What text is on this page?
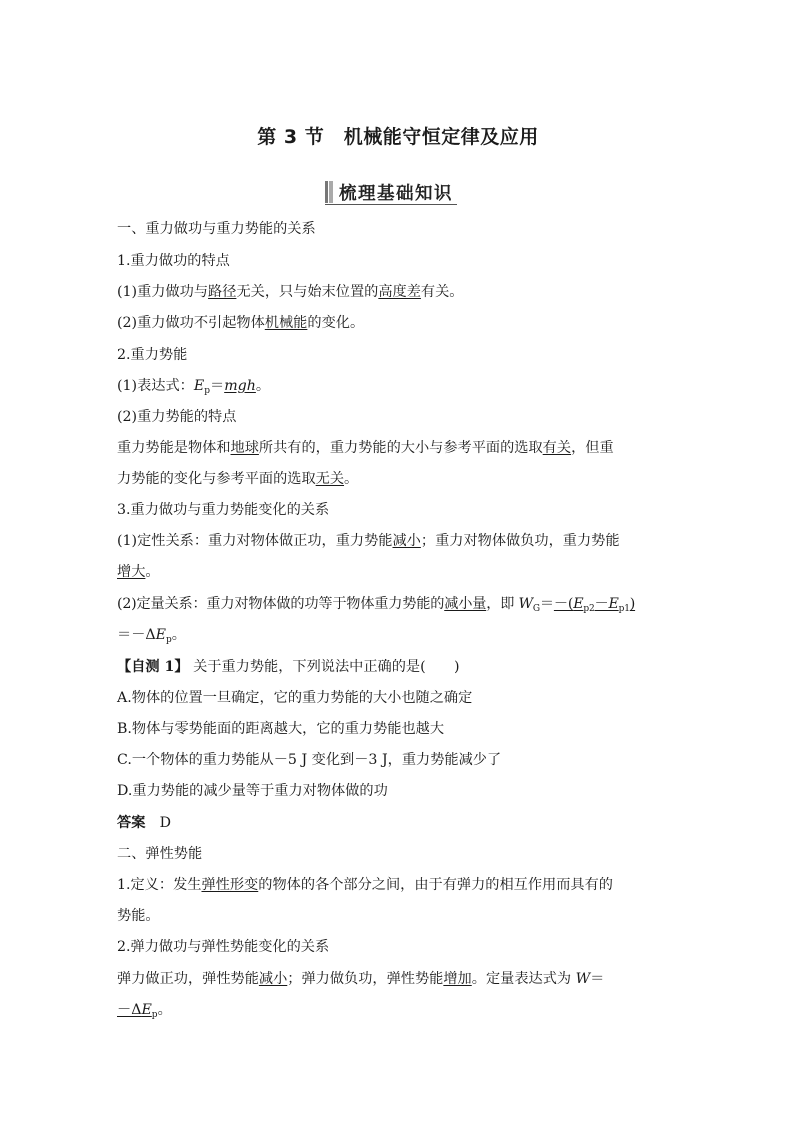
第 3 节　机械能守恒定律及应用
梳理基础知识
一、重力做功与重力势能的关系
1.重力做功的特点
(1)重力做功与路径无关，只与始末位置的高度差有关。
(2)重力做功不引起物体机械能的变化。
2.重力势能
(1)表达式：$E_p=mgh$。
(2)重力势能的特点
重力势能是物体和地球所共有的，重力势能的大小与参考平面的选取有关，但重
力势能的变化与参考平面的选取无关。
3.重力做功与重力势能变化的关系
(1)定性关系：重力对物体做正功，重力势能减小；重力对物体做负功，重力势能
增大。
(2)定量关系：重力对物体做的功等于物体重力势能的减小量，即 $W_G=-(E_{p2}-E_{p1})$
$=-\Delta E_p$。
【自测 1】 关于重力势能，下列说法中正确的是(　　)
A.物体的位置一旦确定，它的重力势能的大小也随之确定
B.物体与零势能面的距离越大，它的重力势能也越大
C.一个物体的重力势能从－5 J 变化到－3 J，重力势能减少了
D.重力势能的减少量等于重力对物体做的功
答案　 D
二、弹性势能
1.定义：发生弹性形变的物体的各个部分之间，由于有弹力的相互作用而具有的
势能。
2.弹力做功与弹性势能变化的关系
弹力做正功，弹性势能减小；弹力做负功，弹性势能增加。定量表达式为 W＝
$-\Delta E_p$。
